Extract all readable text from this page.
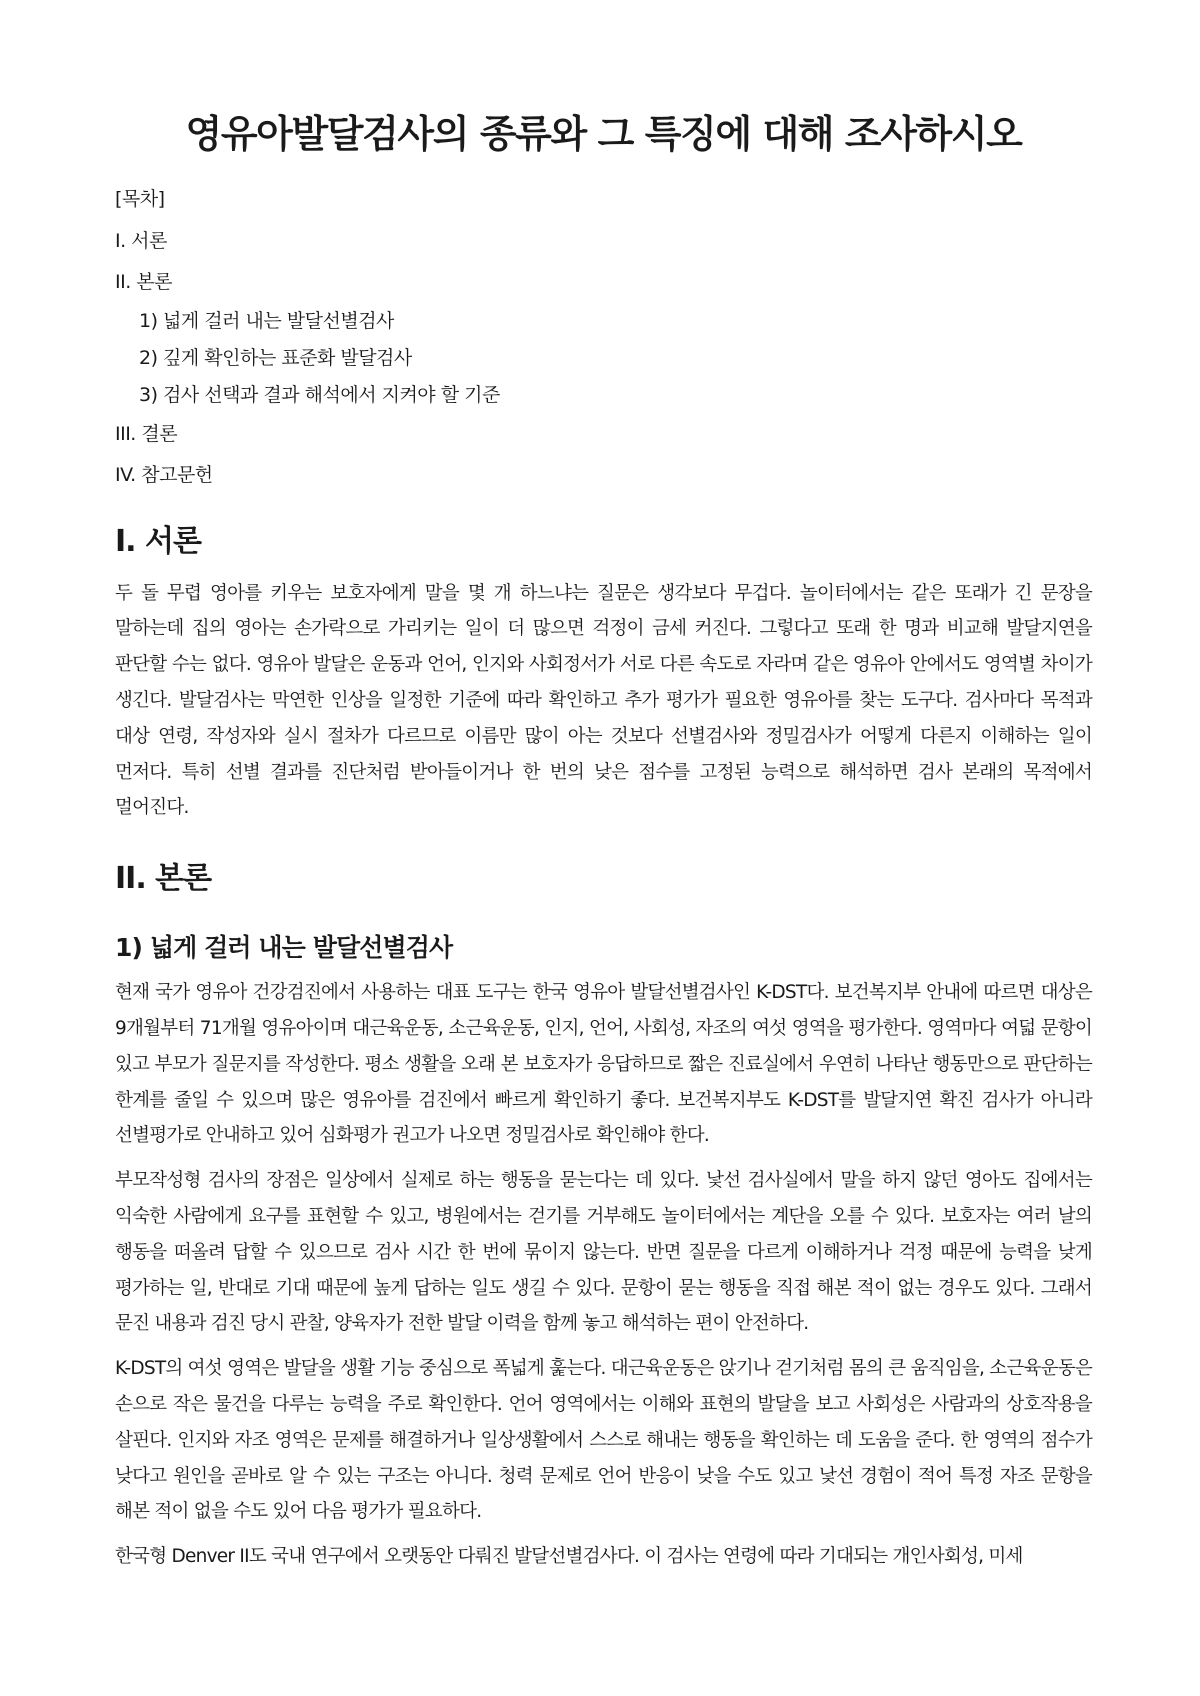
영유아발달검사의 종류와 그 특징에 대해 조사하시오
[목차]
I. 서론
II. 본론
1) 넓게 걸러 내는 발달선별검사
2) 깊게 확인하는 표준화 발달검사
3) 검사 선택과 결과 해석에서 지켜야 할 기준
III. 결론
IV. 참고문헌
I. 서론

두 돌 무렵 영아를 키우는 보호자에게 말을 몇 개 하느냐는 질문은 생각보다 무겁다. 놀이터에서는 같은 또래가 긴 문장을 말하는데 집의 영아는 손가락으로 가리키는 일이 더 많으면 걱정이 금세 커진다. 그렇다고 또래 한 명과 비교해 발달지연을 판단할 수는 없다. 영유아 발달은 운동과 언어, 인지와 사회정서가 서로 다른 속도로 자라며 같은 영유아 안에서도 영역별 차이가 생긴다. 발달검사는 막연한 인상을 일정한 기준에 따라 확인하고 추가 평가가 필요한 영유아를 찾는 도구다. 검사마다 목적과 대상 연령, 작성자와 실시 절차가 다르므로 이름만 많이 아는 것보다 선별검사와 정밀검사가 어떻게 다른지 이해하는 일이 먼저다. 특히 선별 결과를 진단처럼 받아들이거나 한 번의 낮은 점수를 고정된 능력으로 해석하면 검사 본래의 목적에서 멀어진다.

II. 본론
1) 넓게 걸러 내는 발달선별검사

현재 국가 영유아 건강검진에서 사용하는 대표 도구는 한국 영유아 발달선별검사인 K-DST다. 보건복지부 안내에 따르면 대상은 9개월부터 71개월 영유아이며 대근육운동, 소근육운동, 인지, 언어, 사회성, 자조의 여섯 영역을 평가한다. 영역마다 여덟 문항이 있고 부모가 질문지를 작성한다. 평소 생활을 오래 본 보호자가 응답하므로 짧은 진료실에서 우연히 나타난 행동만으로 판단하는 한계를 줄일 수 있으며 많은 영유아를 검진에서 빠르게 확인하기 좋다. 보건복지부도 K-DST를 발달지연 확진 검사가 아니라 선별평가로 안내하고 있어 심화평가 권고가 나오면 정밀검사로 확인해야 한다.

부모작성형 검사의 장점은 일상에서 실제로 하는 행동을 묻는다는 데 있다. 낯선 검사실에서 말을 하지 않던 영아도 집에서는 익숙한 사람에게 요구를 표현할 수 있고, 병원에서는 걷기를 거부해도 놀이터에서는 계단을 오를 수 있다. 보호자는 여러 날의 행동을 떠올려 답할 수 있으므로 검사 시간 한 번에 묶이지 않는다. 반면 질문을 다르게 이해하거나 걱정 때문에 능력을 낮게 평가하는 일, 반대로 기대 때문에 높게 답하는 일도 생길 수 있다. 문항이 묻는 행동을 직접 해본 적이 없는 경우도 있다. 그래서 문진 내용과 검진 당시 관찰, 양육자가 전한 발달 이력을 함께 놓고 해석하는 편이 안전하다.

K-DST의 여섯 영역은 발달을 생활 기능 중심으로 폭넓게 훑는다. 대근육운동은 앉기나 걷기처럼 몸의 큰 움직임을, 소근육운동은 손으로 작은 물건을 다루는 능력을 주로 확인한다. 언어 영역에서는 이해와 표현의 발달을 보고 사회성은 사람과의 상호작용을 살핀다. 인지와 자조 영역은 문제를 해결하거나 일상생활에서 스스로 해내는 행동을 확인하는 데 도움을 준다. 한 영역의 점수가 낮다고 원인을 곧바로 알 수 있는 구조는 아니다. 청력 문제로 언어 반응이 낮을 수도 있고 낯선 경험이 적어 특정 자조 문항을 해본 적이 없을 수도 있어 다음 평가가 필요하다.

한국형 Denver II도 국내 연구에서 오랫동안 다뤄진 발달선별검사다. 이 검사는 연령에 따라 기대되는 개인사회성, 미세
